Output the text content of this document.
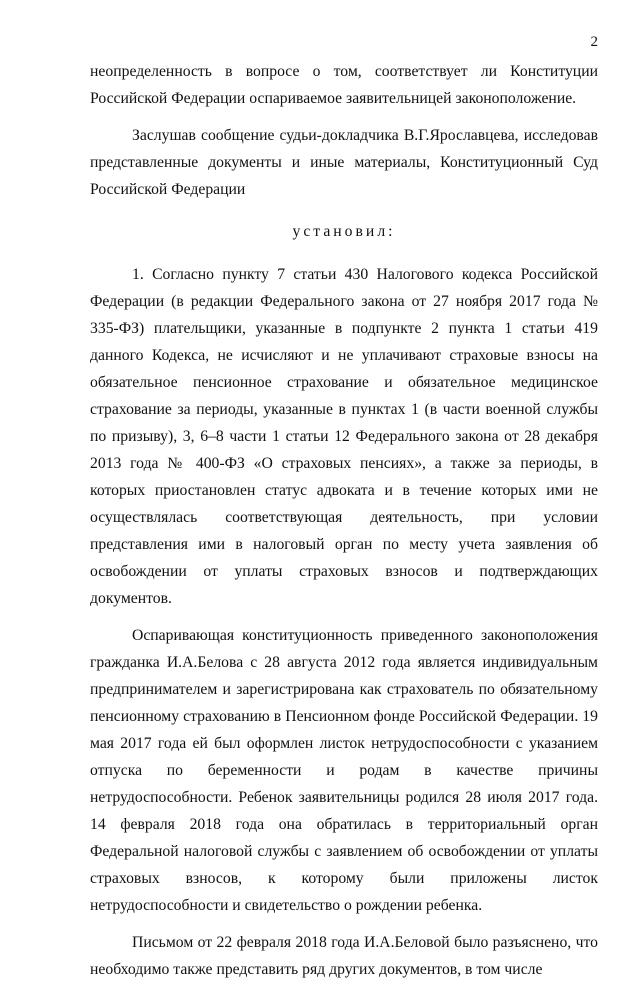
2

неопределенность в вопросе о том, соответствует ли Конституции Российской Федерации оспариваемое заявительницей законоположение.

Заслушав сообщение судьи-докладчика В.Г.Ярославцева, исследовав представленные документы и иные материалы, Конституционный Суд Российской Федерации

установил:

1. Согласно пункту 7 статьи 430 Налогового кодекса Российской Федерации (в редакции Федерального закона от 27 ноября 2017 года № 335-ФЗ) плательщики, указанные в подпункте 2 пункта 1 статьи 419 данного Кодекса, не исчисляют и не уплачивают страховые взносы на обязательное пенсионное страхование и обязательное медицинское страхование за периоды, указанные в пунктах 1 (в части военной службы по призыву), 3, 6–8 части 1 статьи 12 Федерального закона от 28 декабря 2013 года № 400-ФЗ «О страховых пенсиях», а также за периоды, в которых приостановлен статус адвоката и в течение которых ими не осуществлялась соответствующая деятельность, при условии представления ими в налоговый орган по месту учета заявления об освобождении от уплаты страховых взносов и подтверждающих документов.

Оспаривающая конституционность приведенного законоположения гражданка И.А.Белова с 28 августа 2012 года является индивидуальным предпринимателем и зарегистрирована как страхователь по обязательному пенсионному страхованию в Пенсионном фонде Российской Федерации. 19 мая 2017 года ей был оформлен листок нетрудоспособности с указанием отпуска по беременности и родам в качестве причины нетрудоспособности. Ребенок заявительницы родился 28 июля 2017 года. 14 февраля 2018 года она обратилась в территориальный орган Федеральной налоговой службы с заявлением об освобождении от уплаты страховых взносов, к которому были приложены листок нетрудоспособности и свидетельство о рождении ребенка.

Письмом от 22 февраля 2018 года И.А.Беловой было разъяснено, что необходимо также представить ряд других документов, в том числе
